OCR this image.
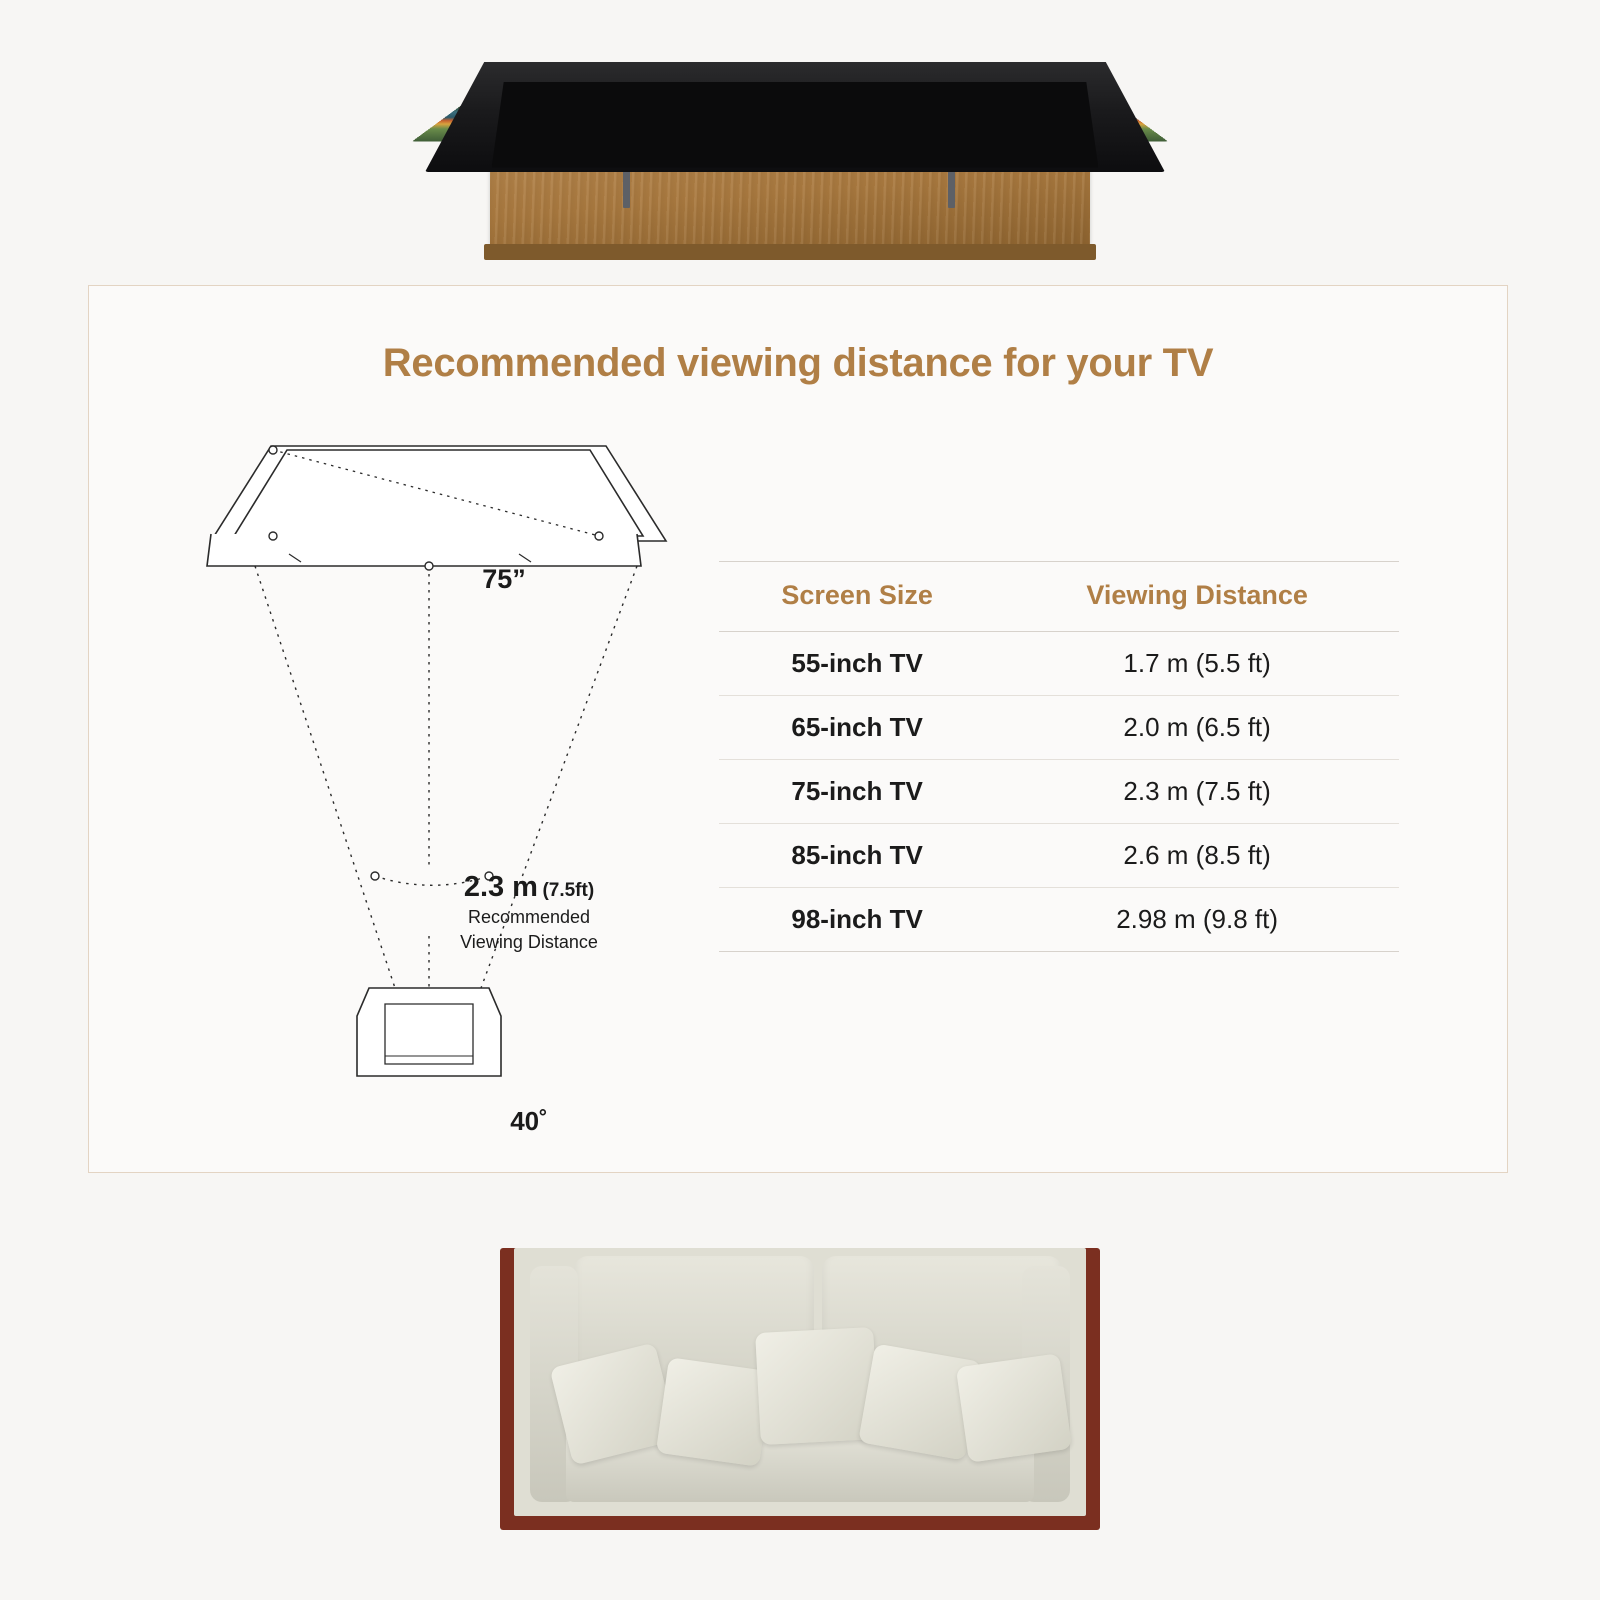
Recommended viewing distance for your TV
75”
2.3 m (7.5ft)
Recommended
Viewing Distance
40˚
Screen Size	Viewing Distance
55-inch TV	1.7 m (5.5 ft)
65-inch TV	2.0 m (6.5 ft)
75-inch TV	2.3 m (7.5 ft)
85-inch TV	2.6 m (8.5 ft)
98-inch TV	2.98 m (9.8 ft)
